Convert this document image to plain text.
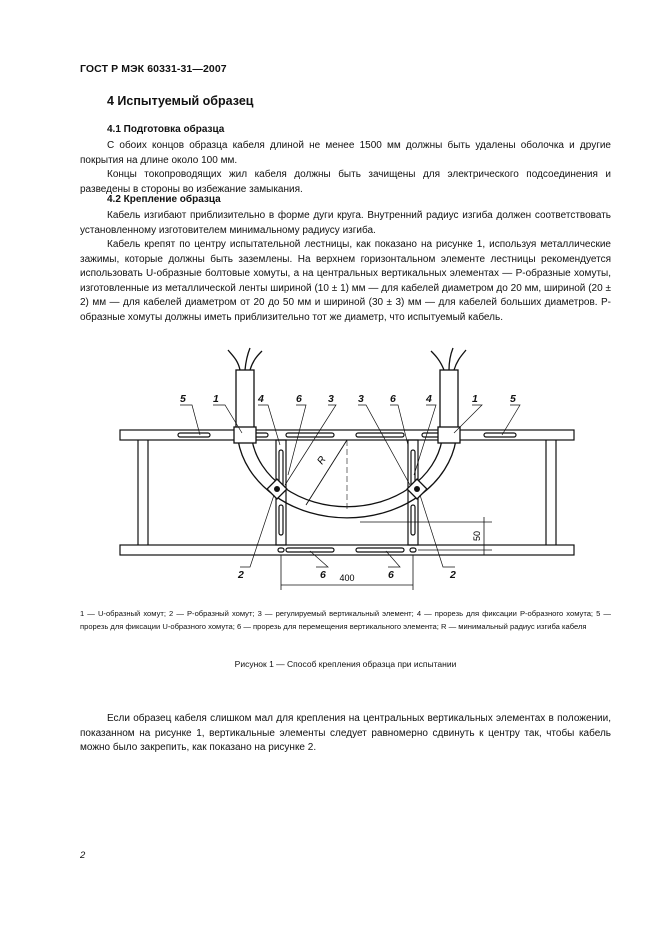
ГОСТ Р МЭК 60331-31—2007
4 Испытуемый образец
4.1 Подготовка образца

С обоих концов образца кабеля длиной не менее 1500 мм должны быть удалены оболочка и другие покрытия на длине около 100 мм.

Концы токопроводящих жил кабеля должны быть зачищены для электрического подсоединения и разведены в стороны во избежание замыкания.

4.2 Крепление образца

Кабель изгибают приблизительно в форме дуги круга. Внутренний радиус изгиба должен соответствовать установленному изготовителем минимальному радиусу изгиба.

Кабель крепят по центру испытательной лестницы, как показано на рисунке 1, используя металлические зажимы, которые должны быть заземлены. На верхнем горизонтальном элементе лестницы рекомендуется использовать U-образные болтовые хомуты, а на центральных вертикальных элементах — P-образные хомуты, изготовленные из металлической ленты шириной (10 ± 1) мм — для кабелей диаметром до 20 мм, шириной (20 ± 2) мм — для кабелей диаметром от 20 до 50 мм и шириной (30 ± 3) мм — для кабелей больших диаметров. P-образные хомуты должны иметь приблизительно тот же диаметр, что испытуемый кабель.

R
400
50
5	1	4	6 3 3 6	4	1	5
2	6	6	2
1 — U-образный хомут; 2 — P-образный хомут; 3 — регулируемый вертикальный элемент; 4 — прорезь для фиксации P-образного хомута; 5 — прорезь для фиксации U-образного хомута; 6 — прорезь для перемещения вертикального элемента; R — минимальный радиус изгиба кабеля
Рисунок 1 — Способ крепления образца при испытании

Если образец кабеля слишком мал для крепления на центральных вертикальных элементах в положении, показанном на рисунке 1, вертикальные элементы следует равномерно сдвинуть к центру так, чтобы кабель можно было закрепить, как показано на рисунке 2.

2
